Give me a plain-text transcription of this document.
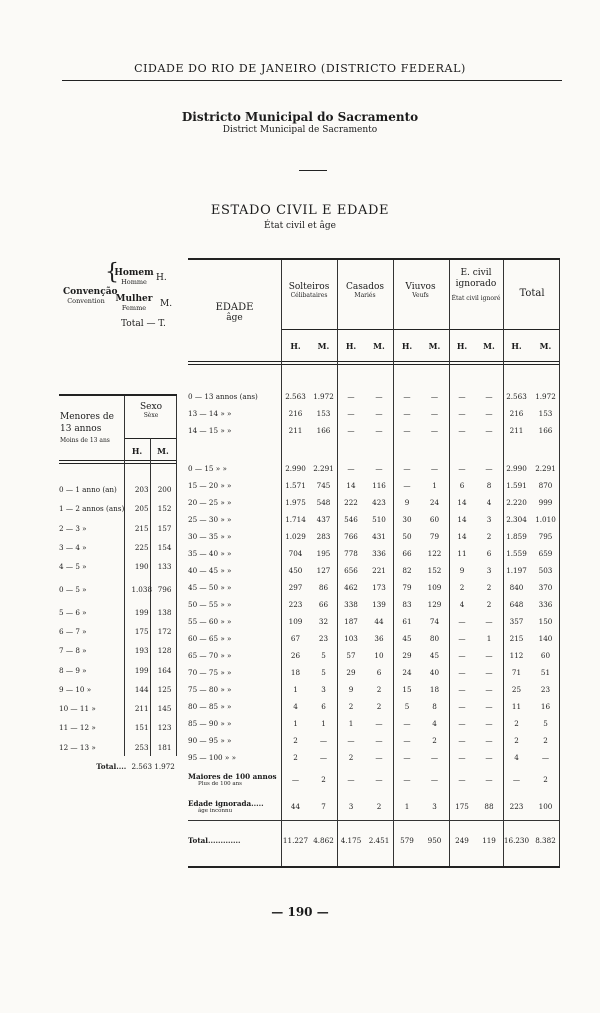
CIDADE DO RIO DE JANEIRO (DISTRICTO FEDERAL)
Districto Municipal do Sacramento
District Municipal de Sacramento
ESTADO CIVIL E EDADE
État civil et âge
Convenção
Convention
{
Homem
Homme	H.
Mulher
Femme	M.
Total — T.
EDADE
âge
Solteiros
Célibataires
Casados
Mariés
Viuvos
Veufs
E. civil ignorado
État civil ignoré	Total
H.	M.	H.	M.	H.	M.	H.	M.	H.	M.
0 — 13 annos (ans)	2.563	1.972	—	—	—	—	—	—	2.563	1.972
13 — 14 » »	216	153	—	—	—	—	—	—	216	153
14 — 15 » »	211	166	—	—	—	—	—	—	211	166

0 — 15 » »	2.990	2.291	—	—	—	—	—	—	2.990	2.291
15 — 20 » »	1.571	745	14	116	—	1	6	8	1.591	870
20 — 25 » »	1.975	548	222	423	9	24	14	4	2.220	999
25 — 30 » »	1.714	437	546	510	30	60	14	3	2.304	1.010
30 — 35 » »	1.029	283	766	431	50	79	14	2	1.859	795
35 — 40 » »	704	195	778	336	66	122	11	6	1.559	659
40 — 45 » »	450	127	656	221	82	152	9	3	1.197	503
45 — 50 » »	297	86	462	173	79	109	2	2	840	370
50 — 55 » »	223	66	338	139	83	129	4	2	648	336
55 — 60 » »	109	32	187	44	61	74	—	—	357	150
60 — 65 » »	67	23	103	36	45	80	—	1	215	140
65 — 70 » »	26	5	57	10	29	45	—	—	112	60
70 — 75 » »	18	5	29	6	24	40	—	—	71	51
75 — 80 » »	1	3	9	2	15	18	—	—	25	23
80 — 85 » »	4	6	2	2	5	8	—	—	11	16
85 — 90 » »	1	1	1	—	—	4	—	—	2	5
90 — 95 » »	2	—	—	—	—	2	—	—	2	2
95 — 100 » »	2	—	2	—	—	—	—	—	4	—
Maiores de 100 annos
Plus de 100 ans	—	2	—	—	—	—	—	—	—	2
Edade ignorada.....
âge inconnu	44	7	3	2	1	3	175	88	223	100
Total.............	11.227	4.862	4.175	2.451	579	950	249	119	16.230	8.382
Menores de
13 annos
Moins de 13 ans
Sexo
Sèxe
H.	M.
0 — 1 anno (an)	203	200
1 — 2 annos (ans)	205	152
2 — 3 »	215	157
3 — 4 »	225	154
4 — 5 »	190	133
0 — 5 »	1.038	796
5 — 6 »	199	138
6 — 7 »	175	172
7 — 8 »	193	128
8 — 9 »	199	164
9 — 10 »	144	125
10 — 11 »	211	145
11 — 12 »	151	123
12 — 13 »	253	181
Total....	2.563	1.972
— 190 —
